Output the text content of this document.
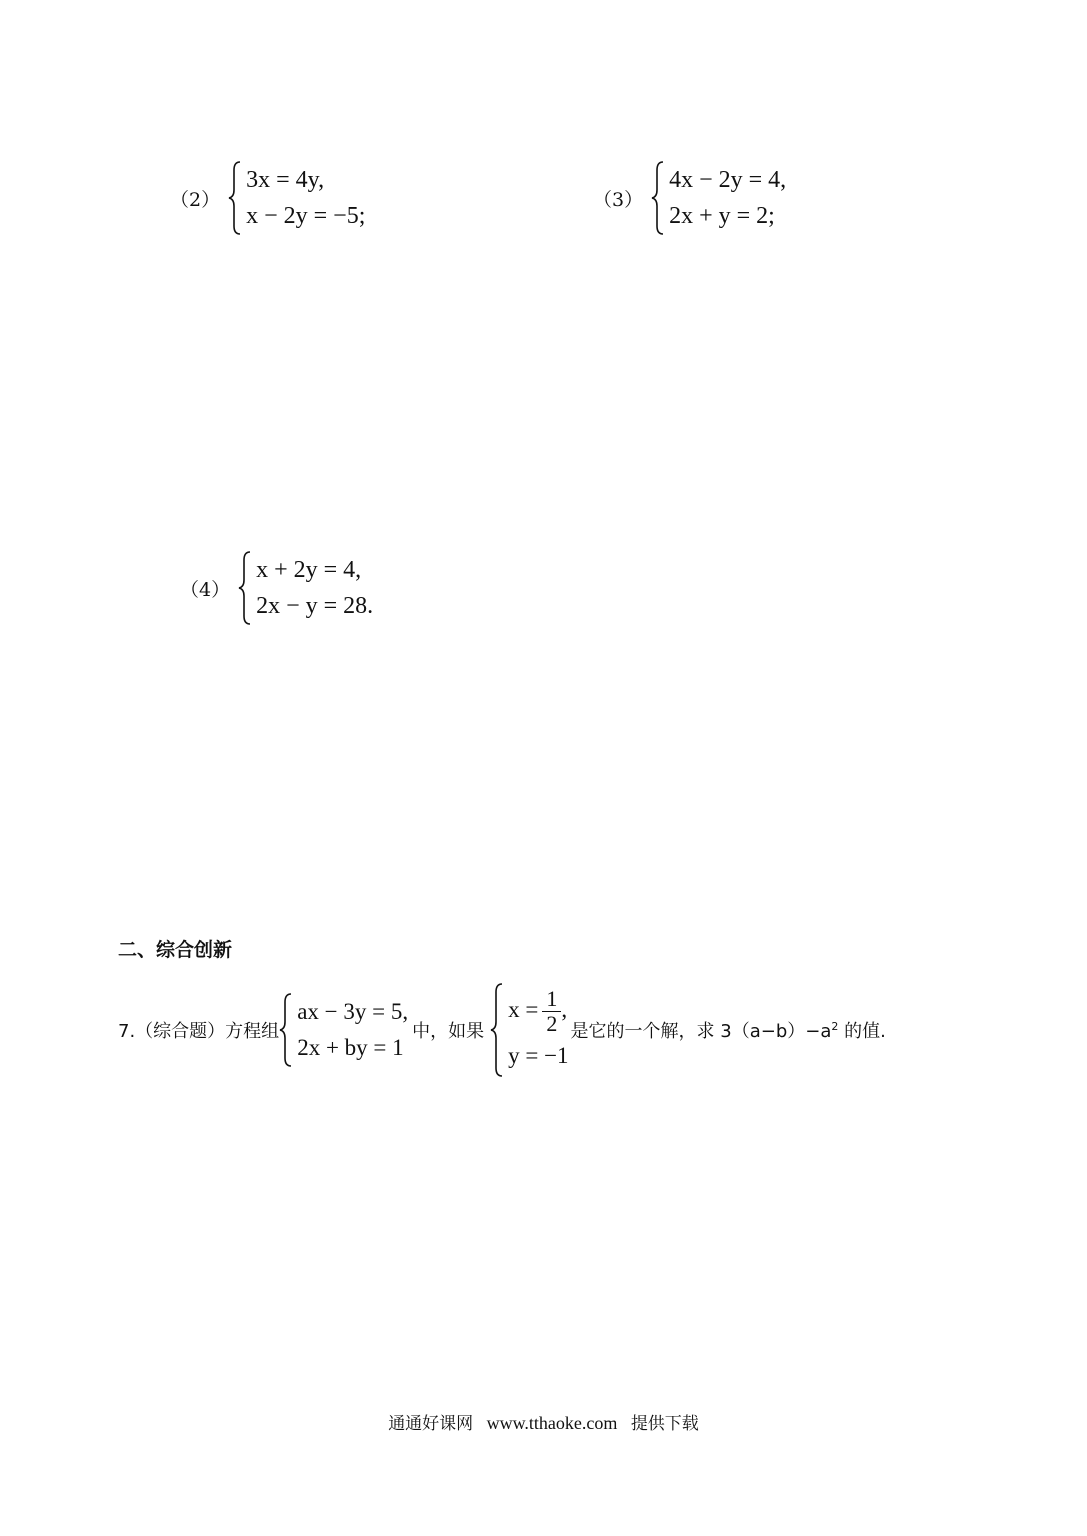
（2）
3x = 4y,
x − 2y = −5;
（3）
4x − 2y = 4,
2x + y = 2;
（4）
x + 2y = 4,
2x − y = 28.
二、综合创新
7.（综合题）方程组
ax − 3y = 5,
2x + by = 1
中，如果
$x = \frac{1}{2}$ ,
y = −1
是它的一个解，求 $3(a-b)-a^2$ 的值.
通通好课网 www.tthaoke.com 提供下载
